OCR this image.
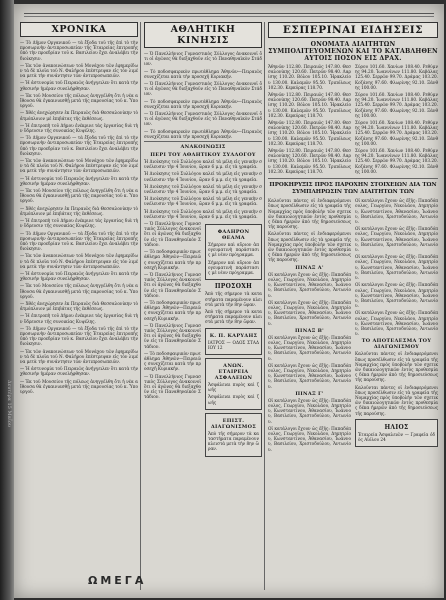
Δευτέρα 15 Μαΐου
ΧΡΟΝΙΚΑ

— Τὸ Δῆμον Οργανικοῦ — τὰ ἔξοδα τοῦ τῆς ἐπὶ τὸ τὴν προσωρινὴν ἀντιπροσωπείαν τῆς Ἑταιρείας ἐπιτροπῆς ὑπὸ τὴν προεδρίαν τοῦ κ. Βασιλείου ἔχει ἀναλάβει τὴν διοίκησιν.

— Ἐκ τῶν ἀνακοινώσεων τοῦ Μονάχου τῶν ἐφημερίδων τὰ δὲ πλοῖα τοῦ Ν. Φαλήρου ἐπέστρεψαν εἰς τὸν λιμένα μετὰ τὴν συνάντησιν τῶν ἀντιπροσωπειῶν.

— Ἡ ἀστυνομία τοῦ Πειραιῶς ἀνήγγειλεν ὅτι κατὰ τὴν χθεσινὴν ἡμέραν συνελήφθησαν.

— Ἐκ τοῦ Μουσείου τῆς πόλεως ἀνηγγέλθη ὅτι ἡ νέα αἴθουσα θὰ ἐγκαινιασθῇ μετὰ τῆς παρουσίας τοῦ κ. Ὑπουργοῦ.

— Χθὲς ἀνεχώρησεν ἐκ Πειραιῶς διὰ Θεσσαλονίκην τὸ ἀτμόπλοιον μὲ ἐπιβάτας τῆς ἐκθέσεως.

— Ἡ ἐπιτροπὴ τοῦ Δήμου ἐνέκρινε τὰς ἐργασίας διὰ τὴν ὕδρευσιν τῆς συνοικίας Κυψέλης.

— Τὸ Δῆμον Οργανικοῦ — τὰ ἔξοδα τοῦ τῆς ἐπὶ τὸ τὴν προσωρινὴν ἀντιπροσωπείαν τῆς Ἑταιρείας ἐπιτροπῆς ὑπὸ τὴν προεδρίαν τοῦ κ. Βασιλείου ἔχει ἀναλάβει τὴν διοίκησιν.

— Ἐκ τῶν ἀνακοινώσεων τοῦ Μονάχου τῶν ἐφημερίδων τὰ δὲ πλοῖα τοῦ Ν. Φαλήρου ἐπέστρεψαν εἰς τὸν λιμένα μετὰ τὴν συνάντησιν τῶν ἀντιπροσωπειῶν.

— Ἡ ἀστυνομία τοῦ Πειραιῶς ἀνήγγειλεν ὅτι κατὰ τὴν χθεσινὴν ἡμέραν συνελήφθησαν.

— Ἐκ τοῦ Μουσείου τῆς πόλεως ἀνηγγέλθη ὅτι ἡ νέα αἴθουσα θὰ ἐγκαινιασθῇ μετὰ τῆς παρουσίας τοῦ κ. Ὑπουργοῦ.

— Χθὲς ἀνεχώρησεν ἐκ Πειραιῶς διὰ Θεσσαλονίκην τὸ ἀτμόπλοιον μὲ ἐπιβάτας τῆς ἐκθέσεως.

— Ἡ ἐπιτροπὴ τοῦ Δήμου ἐνέκρινε τὰς ἐργασίας διὰ τὴν ὕδρευσιν τῆς συνοικίας Κυψέλης.

— Τὸ Δῆμον Οργανικοῦ — τὰ ἔξοδα τοῦ τῆς ἐπὶ τὸ τὴν προσωρινὴν ἀντιπροσωπείαν τῆς Ἑταιρείας ἐπιτροπῆς ὑπὸ τὴν προεδρίαν τοῦ κ. Βασιλείου ἔχει ἀναλάβει τὴν διοίκησιν.

— Ἐκ τῶν ἀνακοινώσεων τοῦ Μονάχου τῶν ἐφημερίδων τὰ δὲ πλοῖα τοῦ Ν. Φαλήρου ἐπέστρεψαν εἰς τὸν λιμένα μετὰ τὴν συνάντησιν τῶν ἀντιπροσωπειῶν.

— Ἡ ἀστυνομία τοῦ Πειραιῶς ἀνήγγειλεν ὅτι κατὰ τὴν χθεσινὴν ἡμέραν συνελήφθησαν.

— Ἐκ τοῦ Μουσείου τῆς πόλεως ἀνηγγέλθη ὅτι ἡ νέα αἴθουσα θὰ ἐγκαινιασθῇ μετὰ τῆς παρουσίας τοῦ κ. Ὑπουργοῦ.

— Χθὲς ἀνεχώρησεν ἐκ Πειραιῶς διὰ Θεσσαλονίκην τὸ ἀτμόπλοιον μὲ ἐπιβάτας τῆς ἐκθέσεως.

— Ἡ ἐπιτροπὴ τοῦ Δήμου ἐνέκρινε τὰς ἐργασίας διὰ τὴν ὕδρευσιν τῆς συνοικίας Κυψέλης.

— Τὸ Δῆμον Οργανικοῦ — τὰ ἔξοδα τοῦ τῆς ἐπὶ τὸ τὴν προσωρινὴν ἀντιπροσωπείαν τῆς Ἑταιρείας ἐπιτροπῆς ὑπὸ τὴν προεδρίαν τοῦ κ. Βασιλείου ἔχει ἀναλάβει τὴν διοίκησιν.

— Ἐκ τῶν ἀνακοινώσεων τοῦ Μονάχου τῶν ἐφημερίδων τὰ δὲ πλοῖα τοῦ Ν. Φαλήρου ἐπέστρεψαν εἰς τὸν λιμένα μετὰ τὴν συνάντησιν τῶν ἀντιπροσωπειῶν.

— Ἡ ἀστυνομία τοῦ Πειραιῶς ἀνήγγειλεν ὅτι κατὰ τὴν χθεσινὴν ἡμέραν συνελήφθησαν.

— Ἐκ τοῦ Μουσείου τῆς πόλεως ἀνηγγέλθη ὅτι ἡ νέα αἴθουσα θὰ ἐγκαινιασθῇ μετὰ τῆς παρουσίας τοῦ κ. Ὑπουργοῦ.

ΑΘΛΗΤΙΚΗ ΚΙΝΗΣΙΣ

— Ὁ Πανελλήνιος Γυμναστικὸς Σύλλογος ἀνακοινοῖ ὅτι οἱ ἀγῶνες θὰ διεξαχθοῦν εἰς τὸ Παναθηναϊκὸν Στάδιον.

— Τὸ ποδοσφαιρικὸν πρωτάθλημα Ἀθηνῶν—Πειραιῶς συνεχίζεται κατὰ τὴν προσεχῆ Κυριακήν.

— Ὁ Πανελλήνιος Γυμναστικὸς Σύλλογος ἀνακοινοῖ ὅτι οἱ ἀγῶνες θὰ διεξαχθοῦν εἰς τὸ Παναθηναϊκὸν Στάδιον.

— Τὸ ποδοσφαιρικὸν πρωτάθλημα Ἀθηνῶν—Πειραιῶς συνεχίζεται κατὰ τὴν προσεχῆ Κυριακήν.

— Ὁ Πανελλήνιος Γυμναστικὸς Σύλλογος ἀνακοινοῖ ὅτι οἱ ἀγῶνες θὰ διεξαχθοῦν εἰς τὸ Παναθηναϊκὸν Στάδιον.

— Τὸ ποδοσφαιρικὸν πρωτάθλημα Ἀθηνῶν—Πειραιῶς συνεχίζεται κατὰ τὴν προσεχῆ Κυριακήν.

ΑΝΑΚΟΙΝΩΣΙΣ
ΠΕΡΙ ΤΟΥ ΑΘΛΗΤΙΚΟΥ ΣΥΛΛΟΓΟΥ

Ἡ Διοίκησις τοῦ Συλλόγου καλεῖ τὰ μέλη εἰς γενικὴν συνέλευσιν τὴν 4 Ἰουνίου, ὥραν 6 μ.μ. εἰς τὰ γραφεῖα.

Ἡ Διοίκησις τοῦ Συλλόγου καλεῖ τὰ μέλη εἰς γενικὴν συνέλευσιν τὴν 4 Ἰουνίου, ὥραν 6 μ.μ. εἰς τὰ γραφεῖα.

Ἡ Διοίκησις τοῦ Συλλόγου καλεῖ τὰ μέλη εἰς γενικὴν συνέλευσιν τὴν 4 Ἰουνίου, ὥραν 6 μ.μ. εἰς τὰ γραφεῖα.

Ἡ Διοίκησις τοῦ Συλλόγου καλεῖ τὰ μέλη εἰς γενικὴν συνέλευσιν τὴν 4 Ἰουνίου, ὥραν 6 μ.μ. εἰς τὰ γραφεῖα.

Ἡ Διοίκησις τοῦ Συλλόγου καλεῖ τὰ μέλη εἰς γενικὴν συνέλευσιν τὴν 4 Ἰουνίου, ὥραν 6 μ.μ. εἰς τὰ γραφεῖα.

— Ὁ Πανελλήνιος Γυμναστικὸς Σύλλογος ἀνακοινοῖ ὅτι οἱ ἀγῶνες θὰ διεξαχθοῦν εἰς τὸ Παναθηναϊκὸν Στάδιον.

— Τὸ ποδοσφαιρικὸν πρωτάθλημα Ἀθηνῶν—Πειραιῶς συνεχίζεται κατὰ τὴν προσεχῆ Κυριακήν.

— Ὁ Πανελλήνιος Γυμναστικὸς Σύλλογος ἀνακοινοῖ ὅτι οἱ ἀγῶνες θὰ διεξαχθοῦν εἰς τὸ Παναθηναϊκὸν Στάδιον.

— Τὸ ποδοσφαιρικὸν πρωτάθλημα Ἀθηνῶν—Πειραιῶς συνεχίζεται κατὰ τὴν προσεχῆ Κυριακήν.

— Ὁ Πανελλήνιος Γυμναστικὸς Σύλλογος ἀνακοινοῖ ὅτι οἱ ἀγῶνες θὰ διεξαχθοῦν εἰς τὸ Παναθηναϊκὸν Στάδιον.

— Τὸ ποδοσφαιρικὸν πρωτάθλημα Ἀθηνῶν—Πειραιῶς συνεχίζεται κατὰ τὴν προσεχῆ Κυριακήν.

— Ὁ Πανελλήνιος Γυμναστικὸς Σύλλογος ἀνακοινοῖ ὅτι οἱ ἀγῶνες θὰ διεξαχθοῦν εἰς τὸ Παναθηναϊκὸν Στάδιον.

ΦΑΛΗΡΟΝ ΘΕΑΜΑ

Σήμερον καὶ αὔριον ἀπογευματινὴ παράστασις μὲ νέον πρόγραμμα.

Σήμερον καὶ αὔριον ἀπογευματινὴ παράστασις μὲ νέον πρόγραμμα.

ΠΡΟΣΟΧΗ

Ἀπὸ τῆς σήμερον τὰ καταστήματα παραμένουν κλειστὰ μετὰ τὴν 8ην ὥραν.

Ἀπὸ τῆς σήμερον τὰ καταστήματα παραμένουν κλειστὰ μετὰ τὴν 8ην ὥραν.

Κ. Π. ΚΑΡΥΔΗΣ

ΙΑΤΡΟΣ — ΟΔΟΣ ΣΤΑΔΙΟΥ 12

ΑΝΩΝ. ΕΤΑΙΡΕΙΑ ΑΣΦΑΛΕΙΩΝ

Ἀσφάλειαι πυρὸς καὶ ζωῆς

Ἀσφάλειαι πυρὸς καὶ ζωῆς

ΕΠΙΣΤ. ΔΙΑΓΩΝΙΣΜΟΣ

Ἀπὸ τῆς σήμερον τὰ καταστήματα παραμένουν κλειστὰ μετὰ τὴν 8ην ὥραν.

ΕΣΠΕΡΙΝΑΙ ΕΙΔΗΣΕΙΣ
ΟΝΟΜΑΤΑ ΔΙΑΙΤΗΤΩΝ ΣΥΜΠΟΛΙΤΕΥΟΜΕΝΩΝ ΚΑΙ ΤΟ ΚΑΤΑΒΛΗΘΕΝ ΑΥΤΟΙΣ ΠΟΣΟΝ ΕΙΣ ΔΡΑΧ.

Ἀθηνῶν 112.80. Πειραιῶς 147.80. Θεσσαλονίκης 120.60. Πατρῶν 98.40. Λαρίσης 110.20. Βόλου 105.10. Ἡρακλείου 130.00. Καλαμῶν 95.50. Τριπόλεως 102.30. Κερκύρας 118.70.

Ἀθηνῶν 112.80. Πειραιῶς 147.80. Θεσσαλονίκης 120.60. Πατρῶν 98.40. Λαρίσης 110.20. Βόλου 105.10. Ἡρακλείου 130.00. Καλαμῶν 95.50. Τριπόλεως 102.30. Κερκύρας 118.70.

Ἀθηνῶν 112.80. Πειραιῶς 147.80. Θεσσαλονίκης 120.60. Πατρῶν 98.40. Λαρίσης 110.20. Βόλου 105.10. Ἡρακλείου 130.00. Καλαμῶν 95.50. Τριπόλεως 102.30. Κερκύρας 118.70.

Ἀθηνῶν 112.80. Πειραιῶς 147.80. Θεσσαλονίκης 120.60. Πατρῶν 98.40. Λαρίσης 110.20. Βόλου 105.10. Ἡρακλείου 130.00. Καλαμῶν 95.50. Τριπόλεως 102.30. Κερκύρας 118.70.

Σύρου 101.60. Χανίων 108.40. Ρεθύμνης 94.20. Ἰωαννίνων 111.80. Καβάλας 125.40. Σερρῶν 99.70. Δράμας 103.20. Κοζάνης 97.60. Φλωρίνης 92.10. Ξάνθης 100.00.

Σύρου 101.60. Χανίων 108.40. Ρεθύμνης 94.20. Ἰωαννίνων 111.80. Καβάλας 125.40. Σερρῶν 99.70. Δράμας 103.20. Κοζάνης 97.60. Φλωρίνης 92.10. Ξάνθης 100.00.

Σύρου 101.60. Χανίων 108.40. Ρεθύμνης 94.20. Ἰωαννίνων 111.80. Καβάλας 125.40. Σερρῶν 99.70. Δράμας 103.20. Κοζάνης 97.60. Φλωρίνης 92.10. Ξάνθης 100.00.

Σύρου 101.60. Χανίων 108.40. Ρεθύμνης 94.20. Ἰωαννίνων 111.80. Καβάλας 125.40. Σερρῶν 99.70. Δράμας 103.20. Κοζάνης 97.60. Φλωρίνης 92.10. Ξάνθης 100.00.

ΠΡΟΚΗΡΥΞΙΣ ΠΡΟΣ ΠΑΡΟΧΗΝ ΣΤΟΙΧΕΙΩΝ ΔΙΑ ΤΩΝ ΣΥΜΠΛΗΡΩΣΙΝ ΤΩΝ ΔΙΑΙΤΗΤΩΝ ΤΩΝ

Καλοῦνται πάντες οἱ ἐνδιαφερόμενοι ὅπως προσέλθωσιν εἰς τὰ γραφεῖα τῆς Νομαρχίας πρὸς ὑποβολὴν τῶν σχετικῶν δικαιολογητικῶν ἐντὸς προθεσμίας δέκα ἡμερῶν ἀπὸ τῆς δημοσιεύσεως τῆς παρούσης.

Καλοῦνται πάντες οἱ ἐνδιαφερόμενοι ὅπως προσέλθωσιν εἰς τὰ γραφεῖα τῆς Νομαρχίας πρὸς ὑποβολὴν τῶν σχετικῶν δικαιολογητικῶν ἐντὸς προθεσμίας δέκα ἡμερῶν ἀπὸ τῆς δημοσιεύσεως τῆς παρούσης.

ΠΙΝΑΞ Α'

Οἱ κατάλογοι ἔχουν ὡς ἑξῆς: Παπαδόπουλος, Γεωργίου, Νικολάου, Δημητρίου, Κωνσταντίνου, Ἀθανασίου, Ἰωάννου, Βασιλείου, Χριστοδούλου, Ἀντωνίου.

Οἱ κατάλογοι ἔχουν ὡς ἑξῆς: Παπαδόπουλος, Γεωργίου, Νικολάου, Δημητρίου, Κωνσταντίνου, Ἀθανασίου, Ἰωάννου, Βασιλείου, Χριστοδούλου, Ἀντωνίου.

ΠΙΝΑΞ Β'

Οἱ κατάλογοι ἔχουν ὡς ἑξῆς: Παπαδόπουλος, Γεωργίου, Νικολάου, Δημητρίου, Κωνσταντίνου, Ἀθανασίου, Ἰωάννου, Βασιλείου, Χριστοδούλου, Ἀντωνίου.

Οἱ κατάλογοι ἔχουν ὡς ἑξῆς: Παπαδόπουλος, Γεωργίου, Νικολάου, Δημητρίου, Κωνσταντίνου, Ἀθανασίου, Ἰωάννου, Βασιλείου, Χριστοδούλου, Ἀντωνίου.

ΠΙΝΑΞ Γ'

Οἱ κατάλογοι ἔχουν ὡς ἑξῆς: Παπαδόπουλος, Γεωργίου, Νικολάου, Δημητρίου, Κωνσταντίνου, Ἀθανασίου, Ἰωάννου, Βασιλείου, Χριστοδούλου, Ἀντωνίου.

Οἱ κατάλογοι ἔχουν ὡς ἑξῆς: Παπαδόπουλος, Γεωργίου, Νικολάου, Δημητρίου, Κωνσταντίνου, Ἀθανασίου, Ἰωάννου, Βασιλείου, Χριστοδούλου, Ἀντωνίου.

Οἱ κατάλογοι ἔχουν ὡς ἑξῆς: Παπαδόπουλος, Γεωργίου, Νικολάου, Δημητρίου, Κωνσταντίνου, Ἀθανασίου, Ἰωάννου, Βασιλείου, Χριστοδούλου, Ἀντωνίου.

Οἱ κατάλογοι ἔχουν ὡς ἑξῆς: Παπαδόπουλος, Γεωργίου, Νικολάου, Δημητρίου, Κωνσταντίνου, Ἀθανασίου, Ἰωάννου, Βασιλείου, Χριστοδούλου, Ἀντωνίου.

Οἱ κατάλογοι ἔχουν ὡς ἑξῆς: Παπαδόπουλος, Γεωργίου, Νικολάου, Δημητρίου, Κωνσταντίνου, Ἀθανασίου, Ἰωάννου, Βασιλείου, Χριστοδούλου, Ἀντωνίου.

Οἱ κατάλογοι ἔχουν ὡς ἑξῆς: Παπαδόπουλος, Γεωργίου, Νικολάου, Δημητρίου, Κωνσταντίνου, Ἀθανασίου, Ἰωάννου, Βασιλείου, Χριστοδούλου, Ἀντωνίου.

Οἱ κατάλογοι ἔχουν ὡς ἑξῆς: Παπαδόπουλος, Γεωργίου, Νικολάου, Δημητρίου, Κωνσταντίνου, Ἀθανασίου, Ἰωάννου, Βασιλείου, Χριστοδούλου, Ἀντωνίου.

ΤΟ ΑΠΟΤΕΛΕΣΜΑ ΤΟΥ ΔΙΑΓΩΝΙΣΜΟΥ

Καλοῦνται πάντες οἱ ἐνδιαφερόμενοι ὅπως προσέλθωσιν εἰς τὰ γραφεῖα τῆς Νομαρχίας πρὸς ὑποβολὴν τῶν σχετικῶν δικαιολογητικῶν ἐντὸς προθεσμίας δέκα ἡμερῶν ἀπὸ τῆς δημοσιεύσεως τῆς παρούσης.

Καλοῦνται πάντες οἱ ἐνδιαφερόμενοι ὅπως προσέλθωσιν εἰς τὰ γραφεῖα τῆς Νομαρχίας πρὸς ὑποβολὴν τῶν σχετικῶν δικαιολογητικῶν ἐντὸς προθεσμίας δέκα ἡμερῶν ἀπὸ τῆς δημοσιεύσεως τῆς παρούσης.

ΗΛΙΟΣ

Ἑταιρεία Ἀσφαλειῶν — Γραφεῖα ὁδὸς Αἰόλου 24

ΩΜΕΓΑ
